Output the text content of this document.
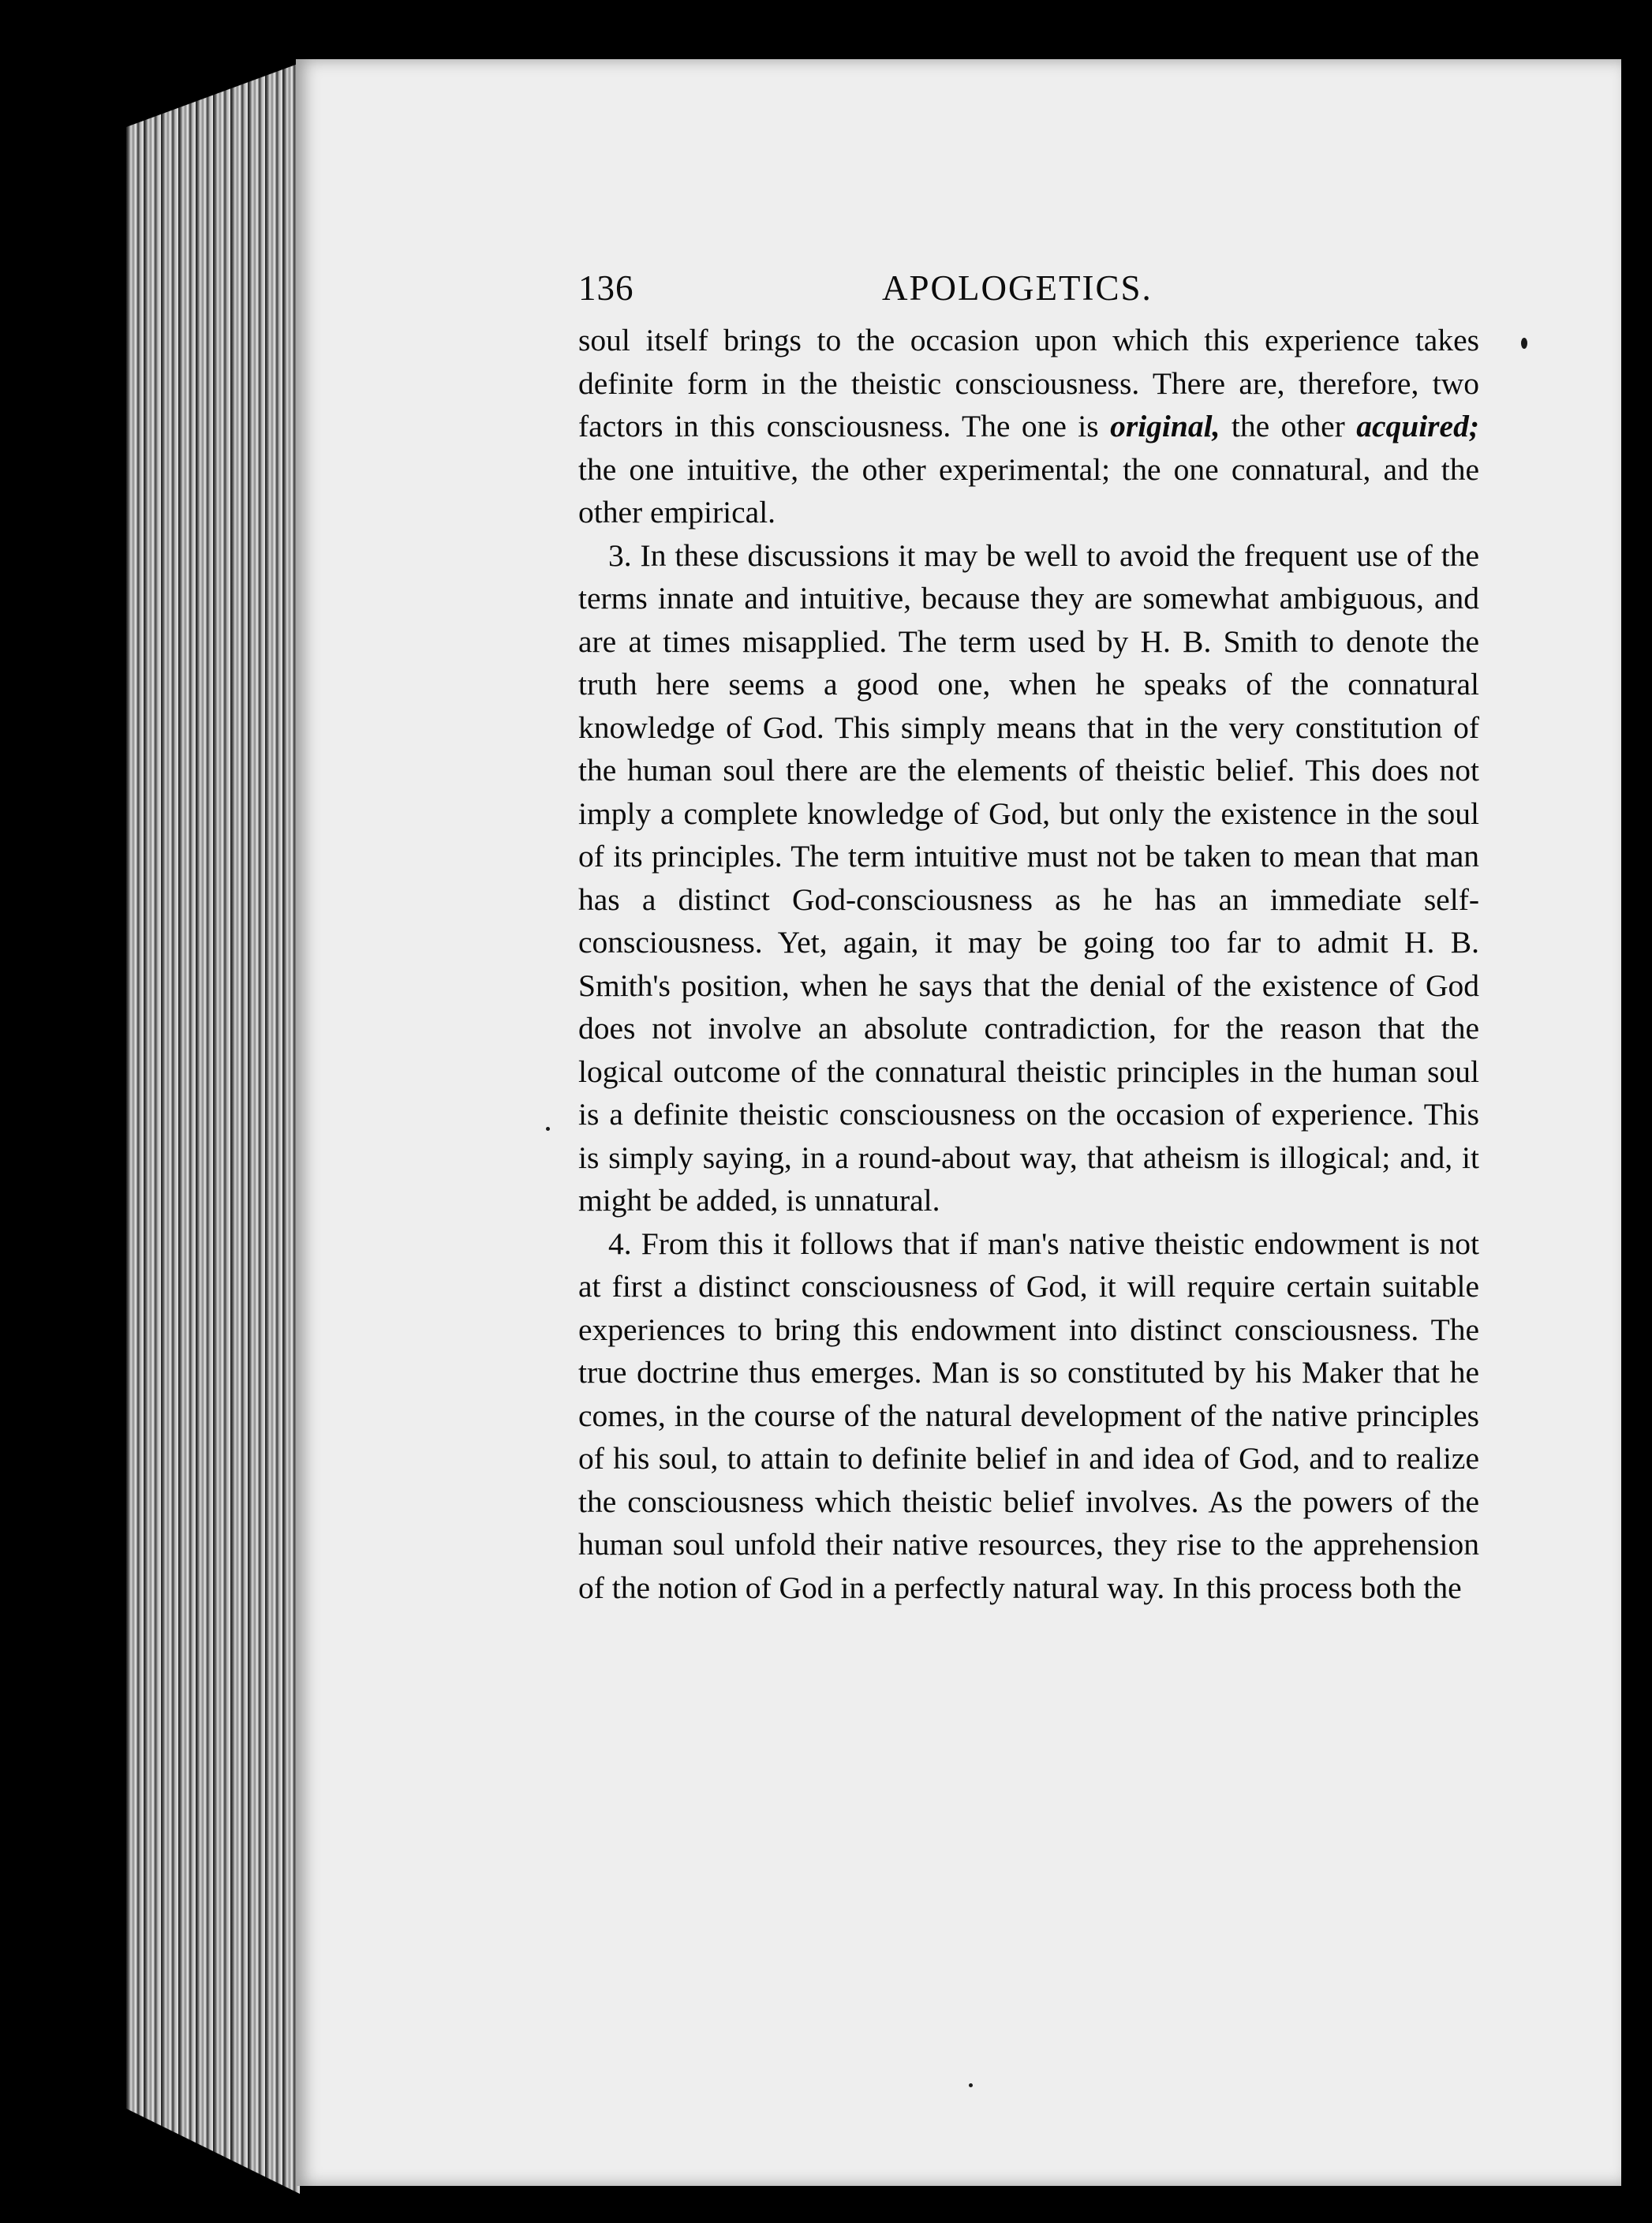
136	APOLOGETICS.

soul itself brings to the occasion upon which this experience takes definite form in the theistic consciousness. There are, therefore, two factors in this consciousness. The one is original, the other acquired; the one intuitive, the other experimental; the one connatural, and the other empirical.

3. In these discussions it may be well to avoid the frequent use of the terms innate and intuitive, because they are somewhat ambiguous, and are at times misapplied. The term used by H. B. Smith to denote the truth here seems a good one, when he speaks of the connatural knowledge of God. This simply means that in the very constitution of the human soul there are the elements of theistic belief. This does not imply a complete knowledge of God, but only the existence in the soul of its principles. The term intuitive must not be taken to mean that man has a distinct God-consciousness as he has an immediate self-consciousness. Yet, again, it may be going too far to admit H. B. Smith's position, when he says that the denial of the existence of God does not involve an absolute contradiction, for the reason that the logical outcome of the connatural theistic principles in the human soul is a definite theistic consciousness on the occasion of experience. This is simply saying, in a round-about way, that atheism is illogical; and, it might be added, is unnatural.

4. From this it follows that if man's native theistic endowment is not at first a distinct consciousness of God, it will require certain suitable experiences to bring this endowment into distinct consciousness. The true doctrine thus emerges. Man is so constituted by his Maker that he comes, in the course of the natural development of the native principles of his soul, to attain to definite belief in and idea of God, and to realize the consciousness which theistic belief involves. As the powers of the human soul unfold their native resources, they rise to the apprehension of the notion of God in a perfectly natural way. In this process both the
